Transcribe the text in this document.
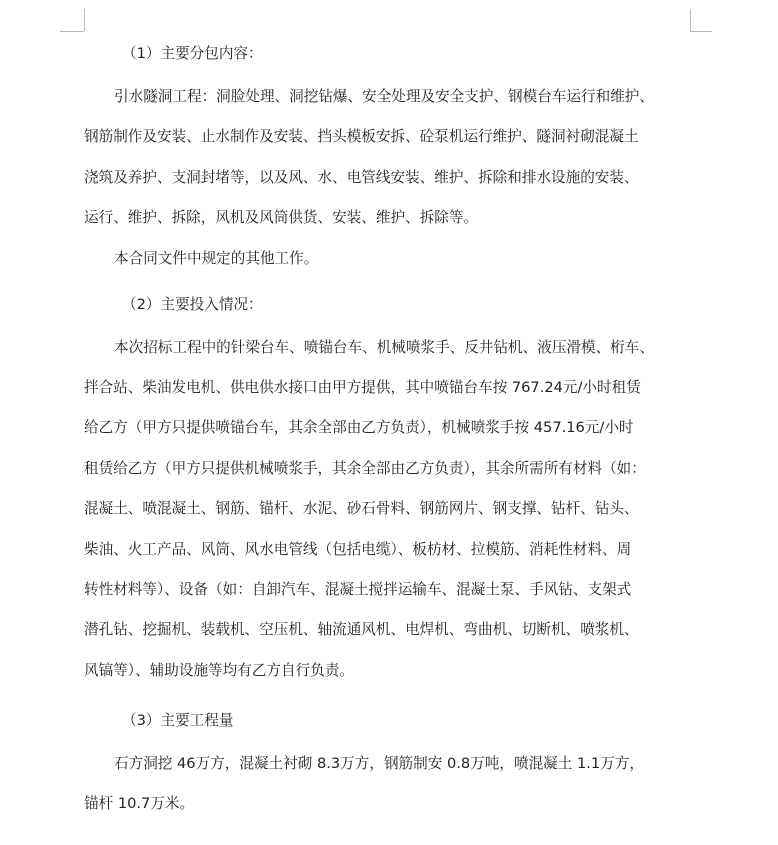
（1）主要分包内容：
引水隧洞工程：洞脸处理、洞挖钻爆、安全处理及安全支护、钢模台车运行和维护、
钢筋制作及安装、止水制作及安装、挡头模板安拆、砼泵机运行维护、隧洞衬砌混凝土
浇筑及养护、支洞封堵等，以及风、水、电管线安装、维护、拆除和排水设施的安装、
运行、维护、拆除，风机及风筒供货、安装、维护、拆除等。
本合同文件中规定的其他工作。
（2）主要投入情况：
本次招标工程中的针梁台车、喷锚台车、机械喷浆手、反井钻机、液压滑模、桁车、
拌合站、柴油发电机、供电供水接口由甲方提供，其中喷锚台车按 767.24元/小时租赁
给乙方（甲方只提供喷锚台车，其余全部由乙方负责），机械喷浆手按 457.16元/小时
租赁给乙方（甲方只提供机械喷浆手，其余全部由乙方负责），其余所需所有材料（如：
混凝土、喷混凝土、钢筋、锚杆、水泥、砂石骨料、钢筋网片、钢支撑、钻杆、钻头、
柴油、火工产品、风筒、风水电管线（包括电缆）、板枋材、拉模筋、消耗性材料、周
转性材料等）、设备（如：自卸汽车、混凝土搅拌运输车、混凝土泵、手风钻、支架式
潜孔钻、挖掘机、装载机、空压机、轴流通风机、电焊机、弯曲机、切断机、喷浆机、
风镐等）、辅助设施等均有乙方自行负责。
（3）主要工程量
石方洞挖 46万方，混凝土衬砌 8.3万方，钢筋制安 0.8万吨，喷混凝土 1.1万方，
锚杆 10.7万米。
